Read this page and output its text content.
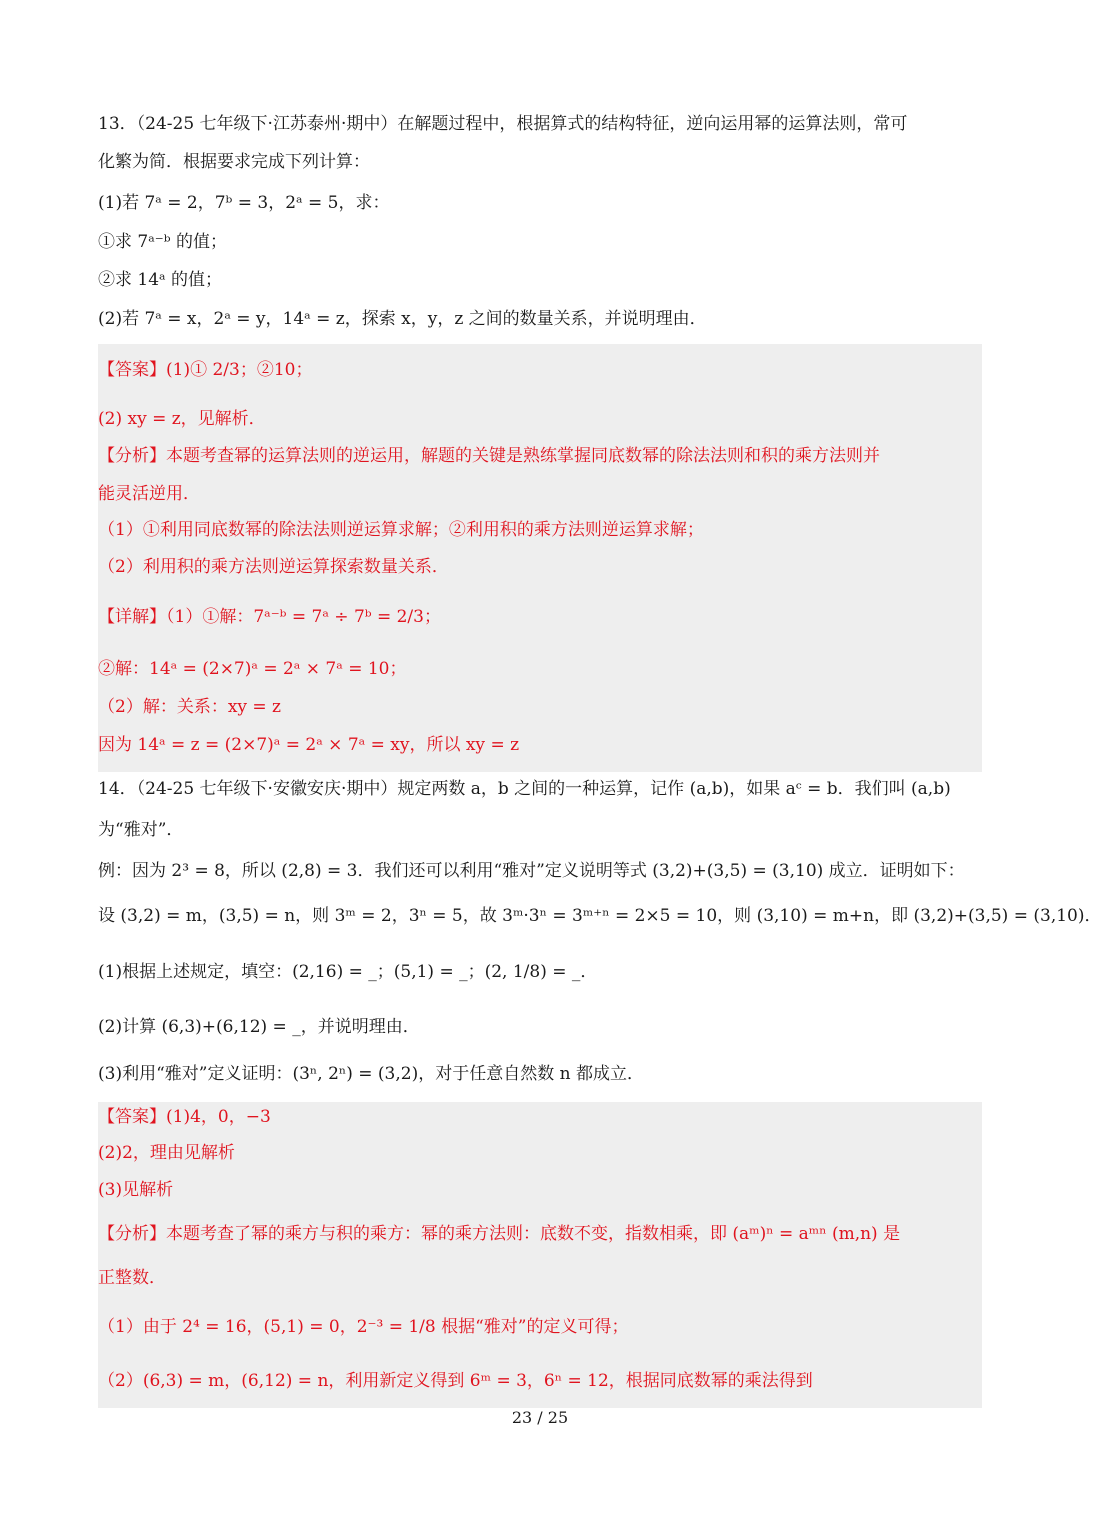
13．（24-25 七年级下·江苏泰州·期中）在解题过程中，根据算式的结构特征，逆向运用幂的运算法则，常可
化繁为简．根据要求完成下列计算：
(1)若 7ᵃ = 2，7ᵇ = 3，2ᵃ = 5，求：
①求 7ᵃ⁻ᵇ 的值；
②求 14ᵃ 的值；
(2)若 7ᵃ = x，2ᵃ = y，14ᵃ = z，探索 x，y，z 之间的数量关系，并说明理由．
【答案】(1)① 2/3；②10；
(2) xy = z，见解析．
【分析】本题考查幂的运算法则的逆运用，解题的关键是熟练掌握同底数幂的除法法则和积的乘方法则并
能灵活逆用．
（1）①利用同底数幂的除法法则逆运算求解；②利用积的乘方法则逆运算求解；
（2）利用积的乘方法则逆运算探索数量关系．
【详解】（1）①解：7ᵃ⁻ᵇ = 7ᵃ ÷ 7ᵇ = 2/3；
②解：14ᵃ = (2×7)ᵃ = 2ᵃ × 7ᵃ = 10；
（2）解：关系：xy = z
因为 14ᵃ = z = (2×7)ᵃ = 2ᵃ × 7ᵃ = xy，所以 xy = z
14．（24-25 七年级下·安徽安庆·期中）规定两数 a，b 之间的一种运算，记作 (a,b)，如果 aᶜ = b．我们叫 (a,b)
为“雅对”．
例：因为 2³ = 8，所以 (2,8) = 3．我们还可以利用“雅对”定义说明等式 (3,2)+(3,5) = (3,10) 成立．证明如下：
设 (3,2) = m，(3,5) = n，则 3ᵐ = 2，3ⁿ = 5，故 3ᵐ·3ⁿ = 3ᵐ⁺ⁿ = 2×5 = 10，则 (3,10) = m+n，即 (3,2)+(3,5) = (3,10)．
(1)根据上述规定，填空：(2,16) = _；(5,1) = _；(2, 1/8) = _．
(2)计算 (6,3)+(6,12) = _，并说明理由．
(3)利用“雅对”定义证明：(3ⁿ, 2ⁿ) = (3,2)，对于任意自然数 n 都成立．
【答案】(1)4，0，−3
(2)2，理由见解析
(3)见解析
【分析】本题考查了幂的乘方与积的乘方：幂的乘方法则：底数不变，指数相乘，即 (aᵐ)ⁿ = aᵐⁿ (m,n) 是
正整数．
（1）由于 2⁴ = 16，(5,1) = 0，2⁻³ = 1/8 根据“雅对”的定义可得；
（2）(6,3) = m，(6,12) = n，利用新定义得到 6ᵐ = 3，6ⁿ = 12，根据同底数幂的乘法得到
23 / 25
